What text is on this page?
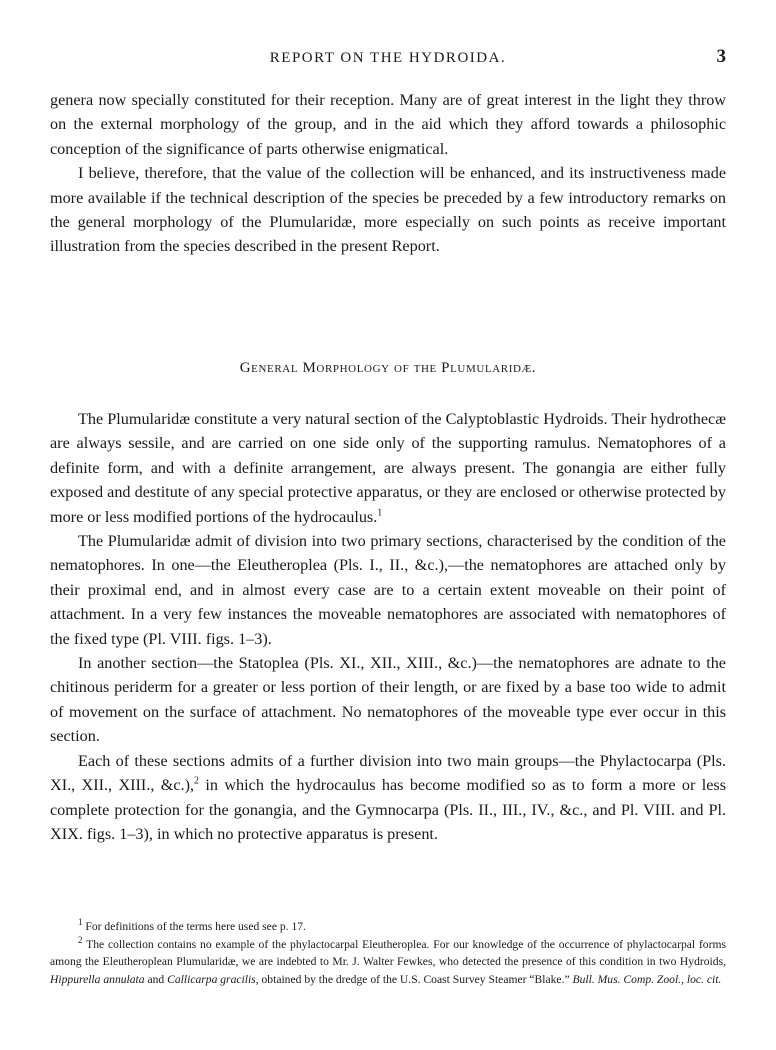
REPORT ON THE HYDROIDA.	3

genera now specially constituted for their reception. Many are of great interest in the light they throw on the external morphology of the group, and in the aid which they afford towards a philosophic conception of the significance of parts otherwise enigmatical.

I believe, therefore, that the value of the collection will be enhanced, and its instructiveness made more available if the technical description of the species be preceded by a few introductory remarks on the general morphology of the Plumularidæ, more especially on such points as receive important illustration from the species described in the present Report.

General Morphology of the Plumularidæ.

The Plumularidæ constitute a very natural section of the Calyptoblastic Hydroids. Their hydrothecæ are always sessile, and are carried on one side only of the supporting ramulus. Nematophores of a definite form, and with a definite arrangement, are always present. The gonangia are either fully exposed and destitute of any special protective apparatus, or they are enclosed or otherwise protected by more or less modified portions of the hydrocaulus.$^1$

The Plumularidæ admit of division into two primary sections, characterised by the condition of the nematophores. In one—the Eleutheroplea (Pls. I., II., &c.),—the nematophores are attached only by their proximal end, and in almost every case are to a certain extent moveable on their point of attachment. In a very few instances the moveable nematophores are associated with nematophores of the fixed type (Pl. VIII. figs. 1–3).

In another section—the Statoplea (Pls. XI., XII., XIII., &c.)—the nematophores are adnate to the chitinous periderm for a greater or less portion of their length, or are fixed by a base too wide to admit of movement on the surface of attachment. No nematophores of the moveable type ever occur in this section.

Each of these sections admits of a further division into two main groups—the Phylactocarpa (Pls. XI., XII., XIII., &c.),$^2$ in which the hydrocaulus has become modified so as to form a more or less complete protection for the gonangia, and the Gymnocarpa (Pls. II., III., IV., &c., and Pl. VIII. and Pl. XIX. figs. 1–3), in which no protective apparatus is present.

$^1$ For definitions of the terms here used see p. 17.

$^2$ The collection contains no example of the phylactocarpal Eleutheroplea. For our knowledge of the occurrence of phylactocarpal forms among the Eleutheroplean Plumularidæ, we are indebted to Mr. J. Walter Fewkes, who detected the presence of this condition in two Hydroids, Hippurella annulata and Callicarpa gracilis, obtained by the dredge of the U.S. Coast Survey Steamer “Blake.” Bull. Mus. Comp. Zool., loc. cit.
